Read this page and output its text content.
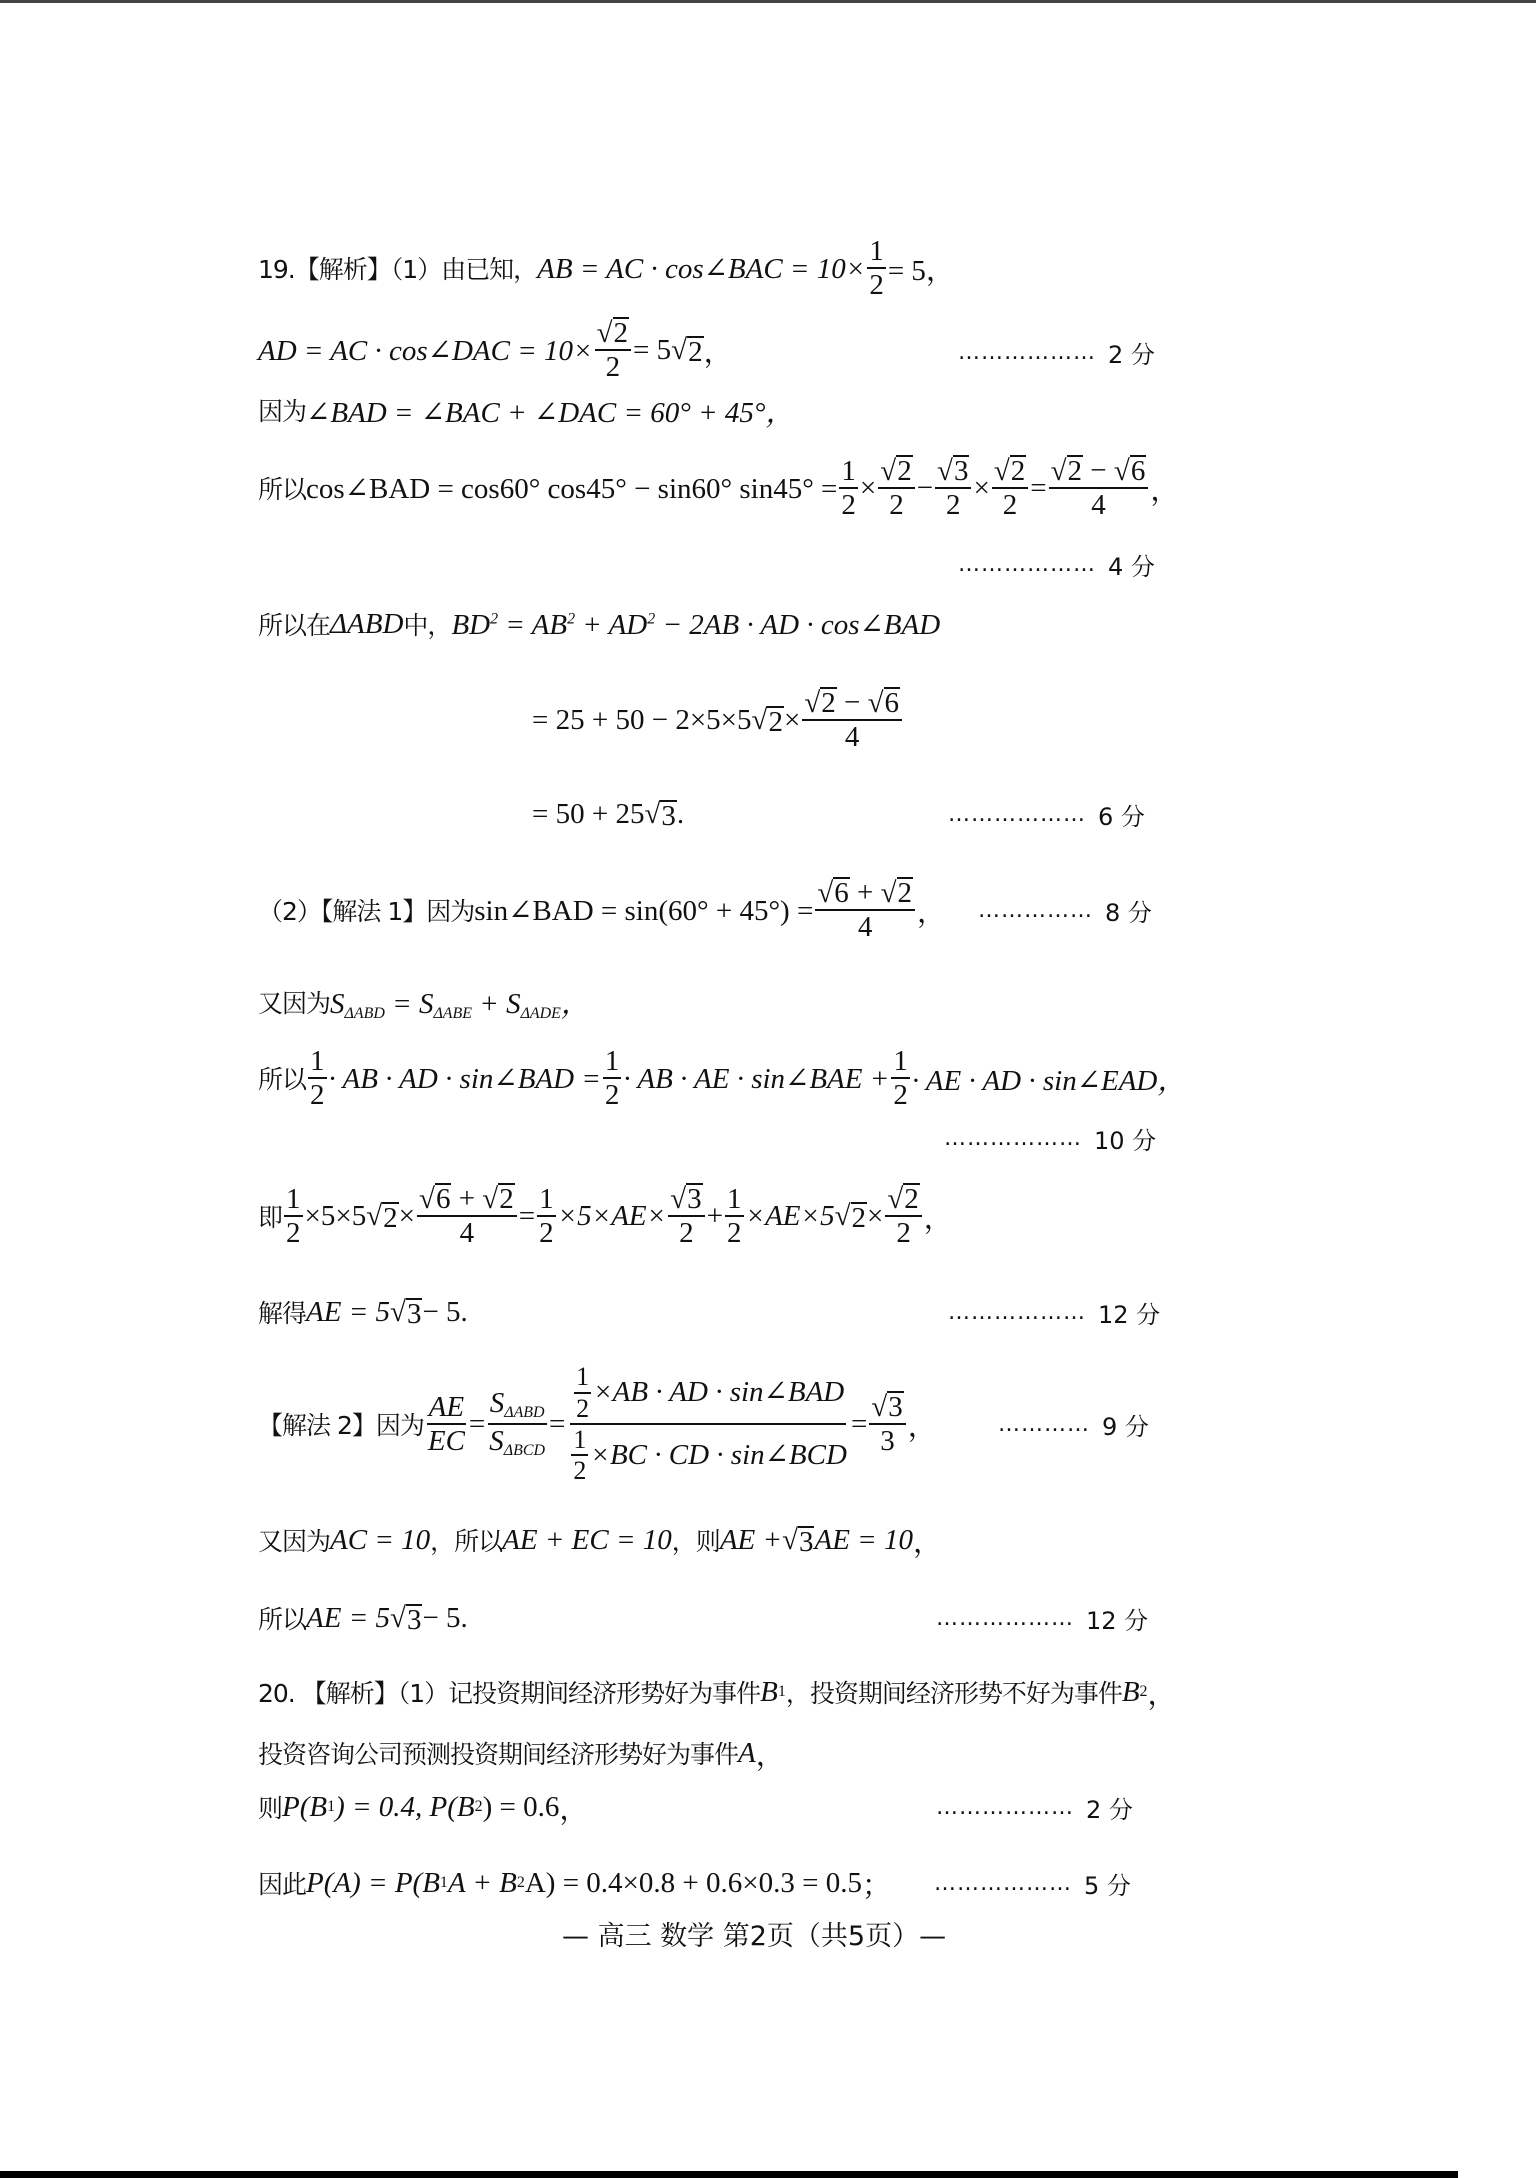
19.【解析】（1）由已知， AB = AC · cos∠BAC = $10\times \frac{1}{2} = 5$，
AD = AC · cos∠DAC = $10\times \frac{√ 2}{2} = 5$ √ 2 ，	……………… 2 分
因为 ∠BAD = ∠BAC + ∠DAC = 60° + 45°，
所以 cos∠BAD = cos60° cos45° − sin60° $\sin 45^\circ = \frac{1}{2} \times \frac{√ 2}{2} - \frac{√ 3}{2} \times \frac{√ 2}{2} = \frac{√ 2 - √ 6}{4}$ ，
……………… 4 分
所以在 ΔABD 中， $BD^2 = AB^2 + AD^2 - 2AB$ · AD · cos∠BAD
= 25 + 50 − 2×5×5 √ $2 \times \frac{√ 2 - √ 6}{4}$
= 50 + 25 √ 3 .	……………… 6 分
（2）【解法 1】因为 sin∠BAD = $\sin(60^\circ + 45^\circ) = \frac{√ 6 + √ 2}{4}$ ， …………… 8 分
又因为 $S_{\Delta ABD} = S_{\Delta ABE} + S_{\Delta ADE}$，
所以 $\frac{1}{2}$ · AB · AD · sin∠BAD = $\frac{1}{2}$ · AB · AE · sin∠BAE + $\frac{1}{2}$ · AE · AD · sin∠EAD，
……………… 10 分
即 $\frac{1}{2} \times 5\times 5$ √ $2 \times \frac{√ 6 + √ 2}{4} = \frac{1}{2} \times 5\times AE\times \frac{√ 3}{2} + \frac{1}{2} \times AE\times 5$ √ $2 \times \frac{√ 2}{2}$ ，
解得 AE = 5 √ 3 − 5.	……………… 12 分
【解法 2】因为 $\frac{AE}{EC} = \frac{S_{\Delta ABD}}{S_{\Delta BCD}} = \frac{\frac{1}{2} \times AB \cdot AD \cdot \sin\angle BAD}{\frac{1}{2} \times BC \cdot CD \cdot \sin\angle BCD} = \frac{√ 3}{3}$ ，	………… 9 分
又因为 AC = 10 ，所以 AE + EC = 10 ，则 AE + √ 3 AE = 10 ，
所以 AE = 5 √ 3 − 5.	……………… 12 分
20. 【解析】（1）记投资期间经济形势好为事件 B 1 ，投资期间经济形势不好为事件 B 2 ，
投资咨询公司预测投资期间经济形势好为事件 A ，
则 P(B 1 ) = 0.4, P(B 2 ) = 0.6 ，	……………… 2 分
因此 P(A) = P(B 1 A + B 2 A) = 0.4×0.8 + 0.6×0.3 = 0.5 ； ……………… 5 分
— 高三 数学 第2页（共5页）—
